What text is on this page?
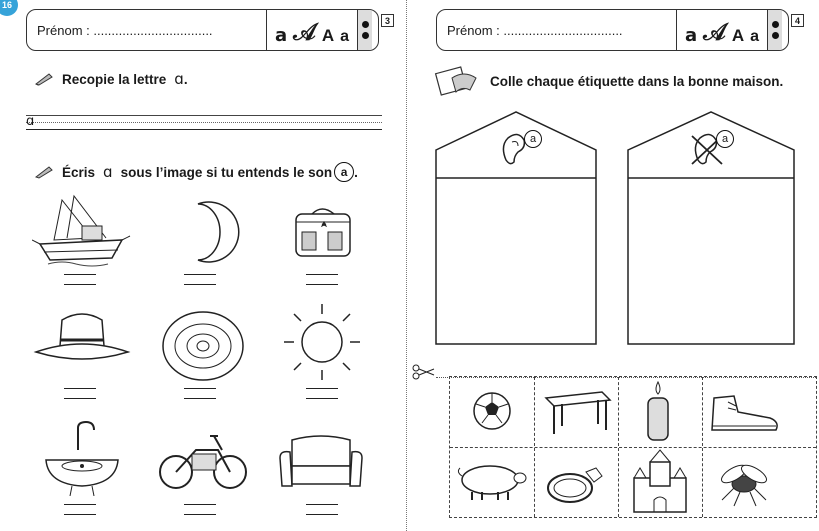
16
Prénom : .................................	a 𝒜 A a
3
Recopie la lettre ɑ .
ɑ
Écris ɑ sous l’image si tu entends le son a .
Prénom : .................................	a 𝒜 A a
4
Colle chaque étiquette dans la bonne maison.
a	a
